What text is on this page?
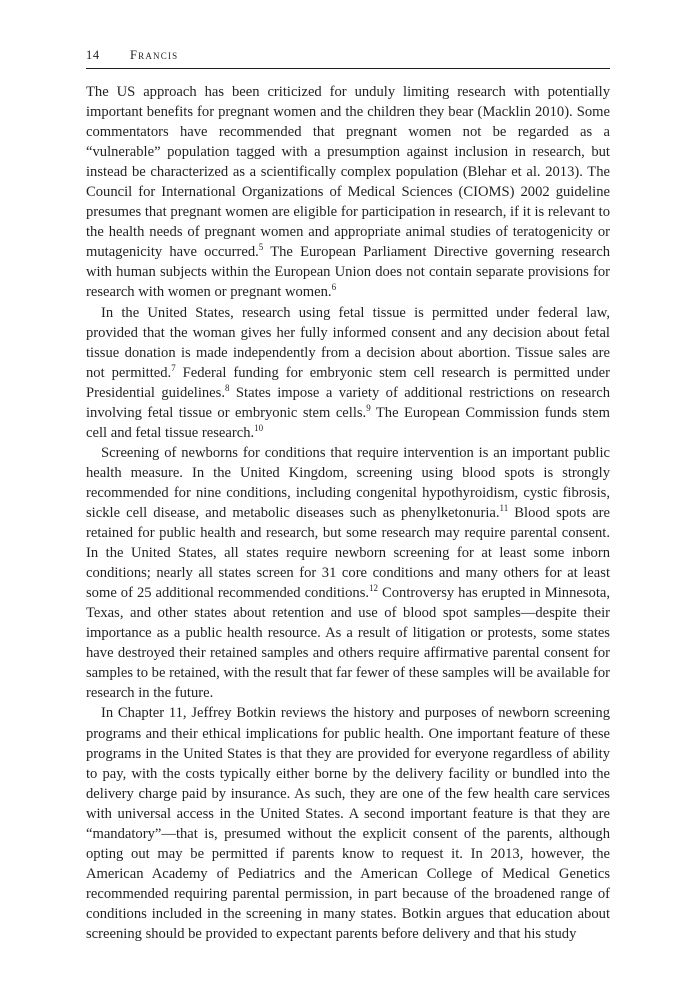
14 Francis

The US approach has been criticized for unduly limiting research with potentially important benefits for pregnant women and the children they bear (Macklin 2010). Some commentators have recommended that pregnant women not be regarded as a “vulnerable” population tagged with a presumption against inclusion in research, but instead be characterized as a scientifically complex population (Blehar et al. 2013). The Council for International Organizations of Medical Sciences (CIOMS) 2002 guideline presumes that pregnant women are eligible for participation in research, if it is relevant to the health needs of pregnant women and appropriate animal studies of teratogenicity or mutagenicity have occurred.$^5$ The European Parliament Directive governing research with human subjects within the European Union does not contain separate provisions for research with women or pregnant women.$^6$

In the United States, research using fetal tissue is permitted under federal law, provided that the woman gives her fully informed consent and any decision about fetal tissue donation is made independently from a decision about abortion. Tissue sales are not permitted.$^7$ Federal funding for embryonic stem cell research is permitted under Presidential guidelines.$^8$ States impose a variety of additional restrictions on research involving fetal tissue or embryonic stem cells.$^9$ The European Commission funds stem cell and fetal tissue research.$^{10}$

Screening of newborns for conditions that require intervention is an important public health measure. In the United Kingdom, screening using blood spots is strongly recommended for nine conditions, including congenital hypothyroidism, cystic fibrosis, sickle cell disease, and metabolic diseases such as phenylketonuria.$^{11}$ Blood spots are retained for public health and research, but some research may require parental consent. In the United States, all states require newborn screening for at least some inborn conditions; nearly all states screen for 31 core conditions and many others for at least some of 25 additional recommended conditions.$^{12}$ Controversy has erupted in Minnesota, Texas, and other states about retention and use of blood spot samples—despite their importance as a public health resource. As a result of litigation or protests, some states have destroyed their retained samples and others require affirmative parental consent for samples to be retained, with the result that far fewer of these samples will be available for research in the future.

In Chapter 11, Jeffrey Botkin reviews the history and purposes of newborn screening programs and their ethical implications for public health. One important feature of these programs in the United States is that they are provided for everyone regardless of ability to pay, with the costs typically either borne by the delivery facility or bundled into the delivery charge paid by insurance. As such, they are one of the few health care services with universal access in the United States. A second important feature is that they are “mandatory”—that is, presumed without the explicit consent of the parents, although opting out may be permitted if parents know to request it. In 2013, however, the American Academy of Pediatrics and the American College of Medical Genetics recommended requiring parental permission, in part because of the broadened range of conditions included in the screening in many states. Botkin argues that education about screening should be provided to expectant parents before delivery and that his study
